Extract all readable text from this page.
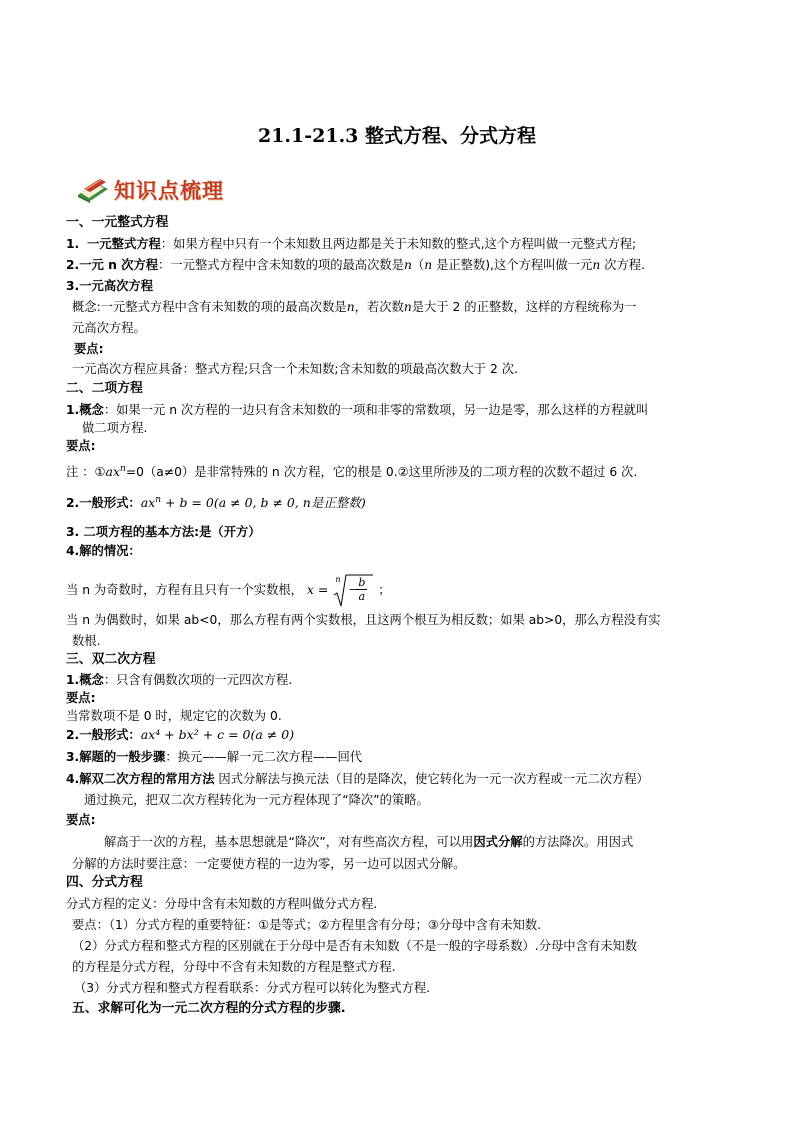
21.1-21.3 整式方程、分式方程
知识点梳理
一、一元整式方程
1. 一元整式方程：如果方程中只有一个未知数且两边都是关于未知数的整式,这个方程叫做一元整式方程;
2.一元 n 次方程：一元整式方程中含未知数的项的最高次数是n（n 是正整数),这个方程叫做一元n 次方程.
3.一元高次方程
概念:一元整式方程中含有未知数的项的最高次数是n，若次数n是大于 2 的正整数，这样的方程统称为一
元高次方程。
要点:
一元高次方程应具备：整式方程;只含一个未知数;含未知数的项最高次数大于 2 次.
二、二项方程
1.概念：如果一元 n 次方程的一边只有含未知数的一项和非零的常数项，另一边是零，那么这样的方程就叫
做二项方程.
要点:
注 ：$①ax^n=0(a\ne 0)$是非常特殊的 n 次方程，它的根是 0.②这里所涉及的二项方程的次数不超过 6 次.
2.一般形式：$ax^n + b = 0(a \ne 0$, b ≠ 0, n是正整数)
3. 二项方程的基本方法:是（开方）
4.解的情况：
当 n 为奇数时，方程有且只有一个实数根， x =
n
−
$\frac{b}{a}$ ；
当 n 为偶数时，如果 ab<0，那么方程有两个实数根，且这两个根互为相反数；如果 ab>0，那么方程没有实
数根.
三、双二次方程
1.概念：只含有偶数次项的一元四次方程.
要点:
当常数项不是 0 时，规定它的次数为 0.
2.一般形式：ax⁴ + bx² + c = 0(a ≠ 0)
3.解题的一般步骤：换元——解一元二次方程——回代
4.解双二次方程的常用方法 因式分解法与换元法（目的是降次，使它转化为一元一次方程或一元二次方程）
通过换元，把双二次方程转化为一元方程体现了“降次”的策略。
要点:
解高于一次的方程，基本思想就是“降次”，对有些高次方程，可以用因式分解的方法降次。用因式
分解的方法时要注意：一定要使方程的一边为零，另一边可以因式分解。
四、分式方程
分式方程的定义：分母中含有未知数的方程叫做分式方程.
要点：（1）分式方程的重要特征：①是等式；②方程里含有分母；③分母中含有未知数.
（2）分式方程和整式方程的区别就在于分母中是否有未知数（不是一般的字母系数）.分母中含有未知数
的方程是分式方程，分母中不含有未知数的方程是整式方程.
（3）分式方程和整式方程看联系：分式方程可以转化为整式方程.
五、求解可化为一元二次方程的分式方程的步骤.
